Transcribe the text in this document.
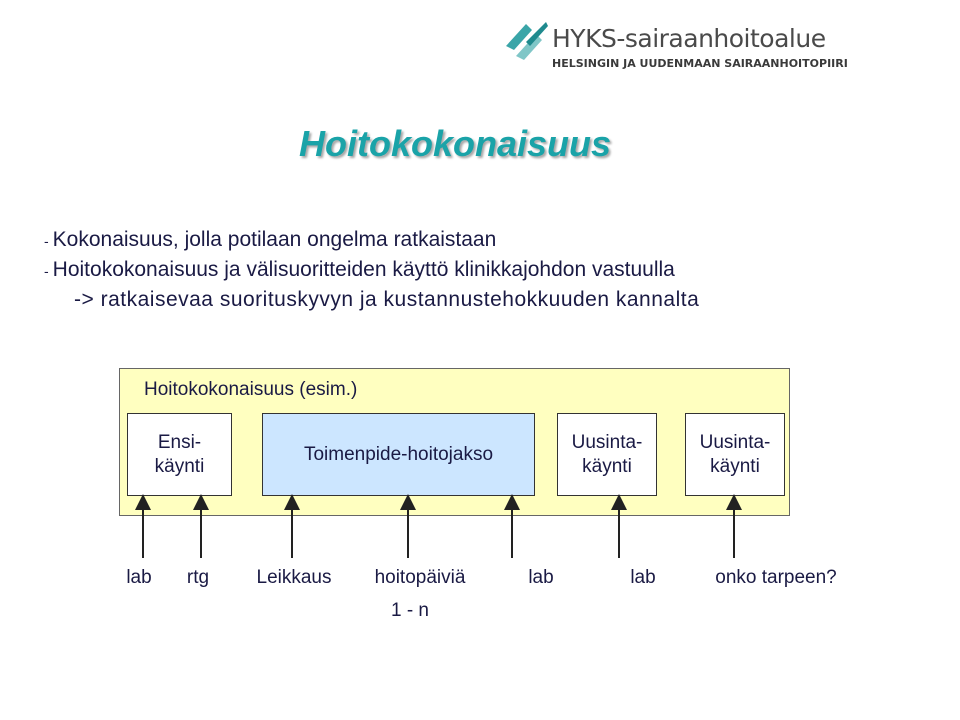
HYKS-sairaanhoitoalue
HELSINGIN JA UUDENMAAN SAIRAANHOITOPIIRI
Hoitokokonaisuus
- Kokonaisuus, jolla potilaan ongelma ratkaistaan
- Hoitokokonaisuus ja välisuoritteiden käyttö klinikkajohdon vastuulla
-> ratkaisevaa suorituskyvyn ja kustannustehokkuuden kannalta
Hoitokokonaisuus (esim.)
Ensi-
käynti
Toimenpide-hoitojakso
Uusinta-
käynti
Uusinta-
käynti
lab rtg Leikkaus hoitopäiviä	lab	lab	onko tarpeen?
1 - n
